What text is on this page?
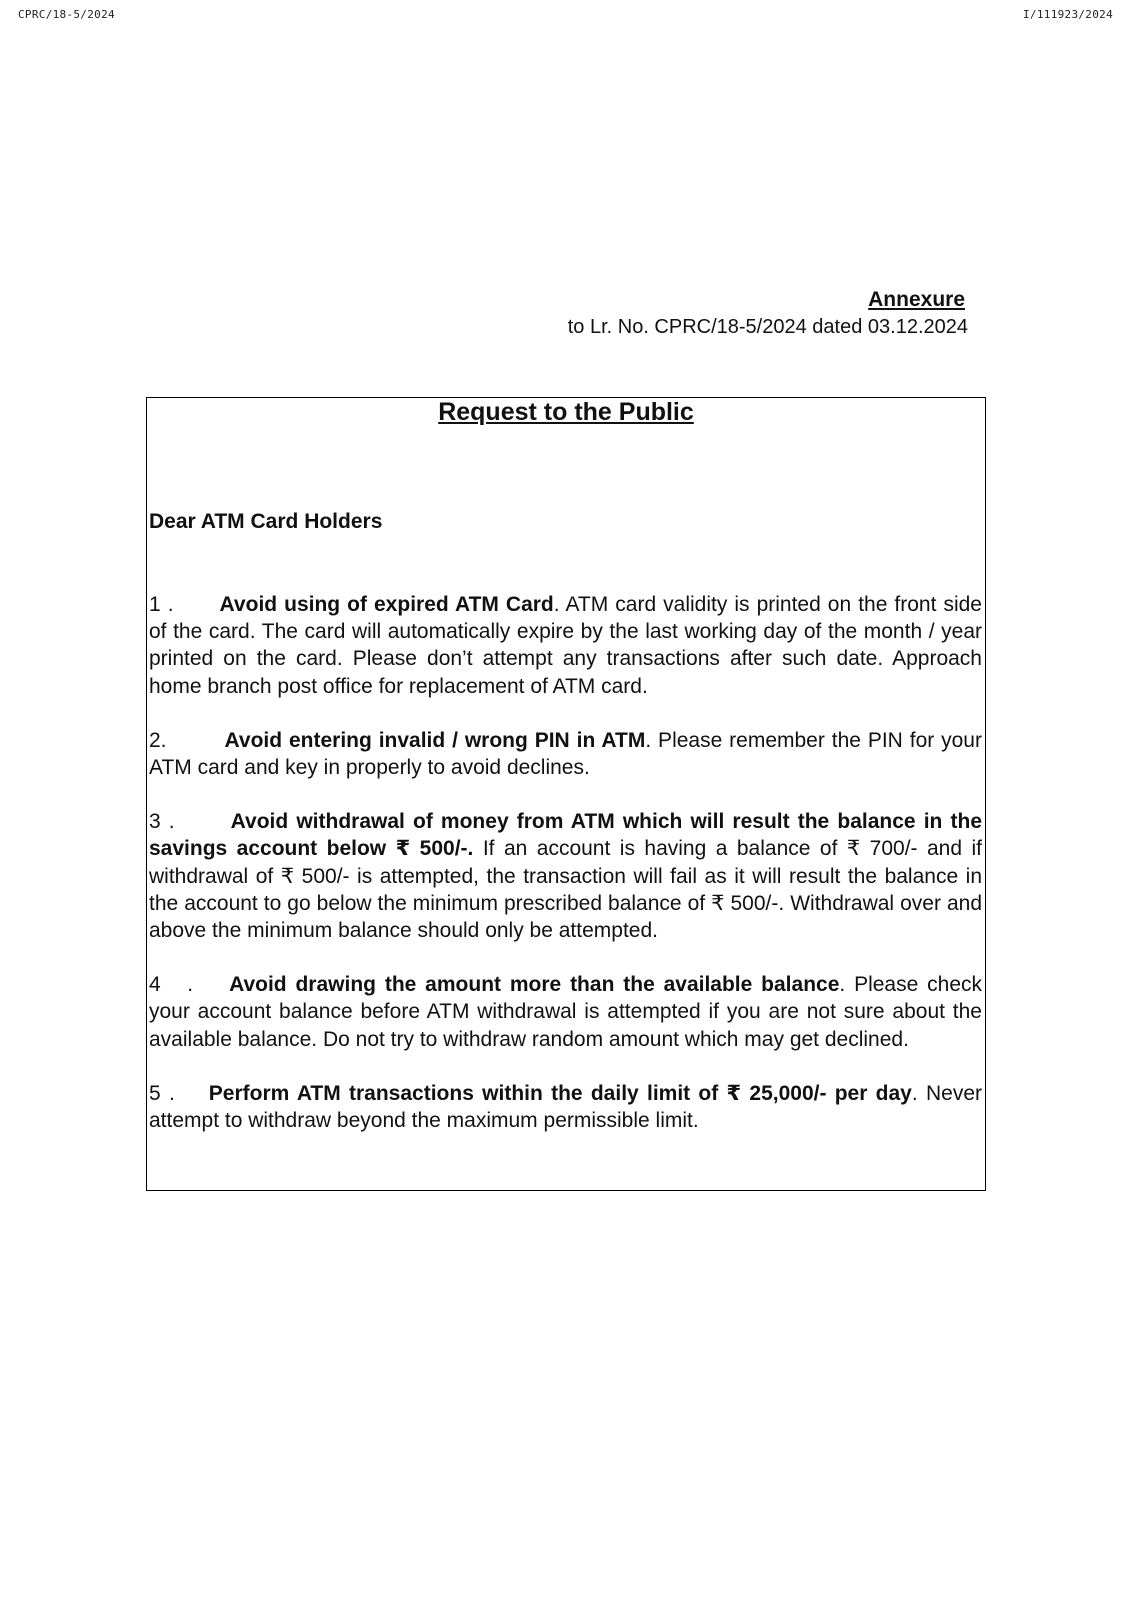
CPRC/18-5/2024	I/111923/2024
Annexure
to Lr. No. CPRC/18-5/2024 dated 03.12.2024
Request to the Public
Dear ATM Card Holders

1 . Avoid using of expired ATM Card. ATM card validity is printed on the front side of the card. The card will automatically expire by the last working day of the month / year printed on the card. Please don’t attempt any transactions after such date. Approach home branch post office for replacement of ATM card.

2.	Avoid entering invalid / wrong PIN in ATM. Please remember the PIN for your ATM card and key in properly to avoid declines.

3 .	Avoid withdrawal of money from ATM which will result the balance in the savings account below ₹ 500/-. If an account is having a balance of ₹ 700/- and if withdrawal of ₹ 500/- is attempted, the transaction will fail as it will result the balance in the account to go below the minimum prescribed balance of ₹ 500/-. Withdrawal over and above the minimum balance should only be attempted.

4   . Avoid drawing the amount more than the available balance. Please check your account balance before ATM withdrawal is attempted if you are not sure about the available balance. Do not try to withdraw random amount which may get declined.

5 . Perform ATM transactions within the daily limit of ₹ 25,000/- per day. Never attempt to withdraw beyond the maximum permissible limit.
